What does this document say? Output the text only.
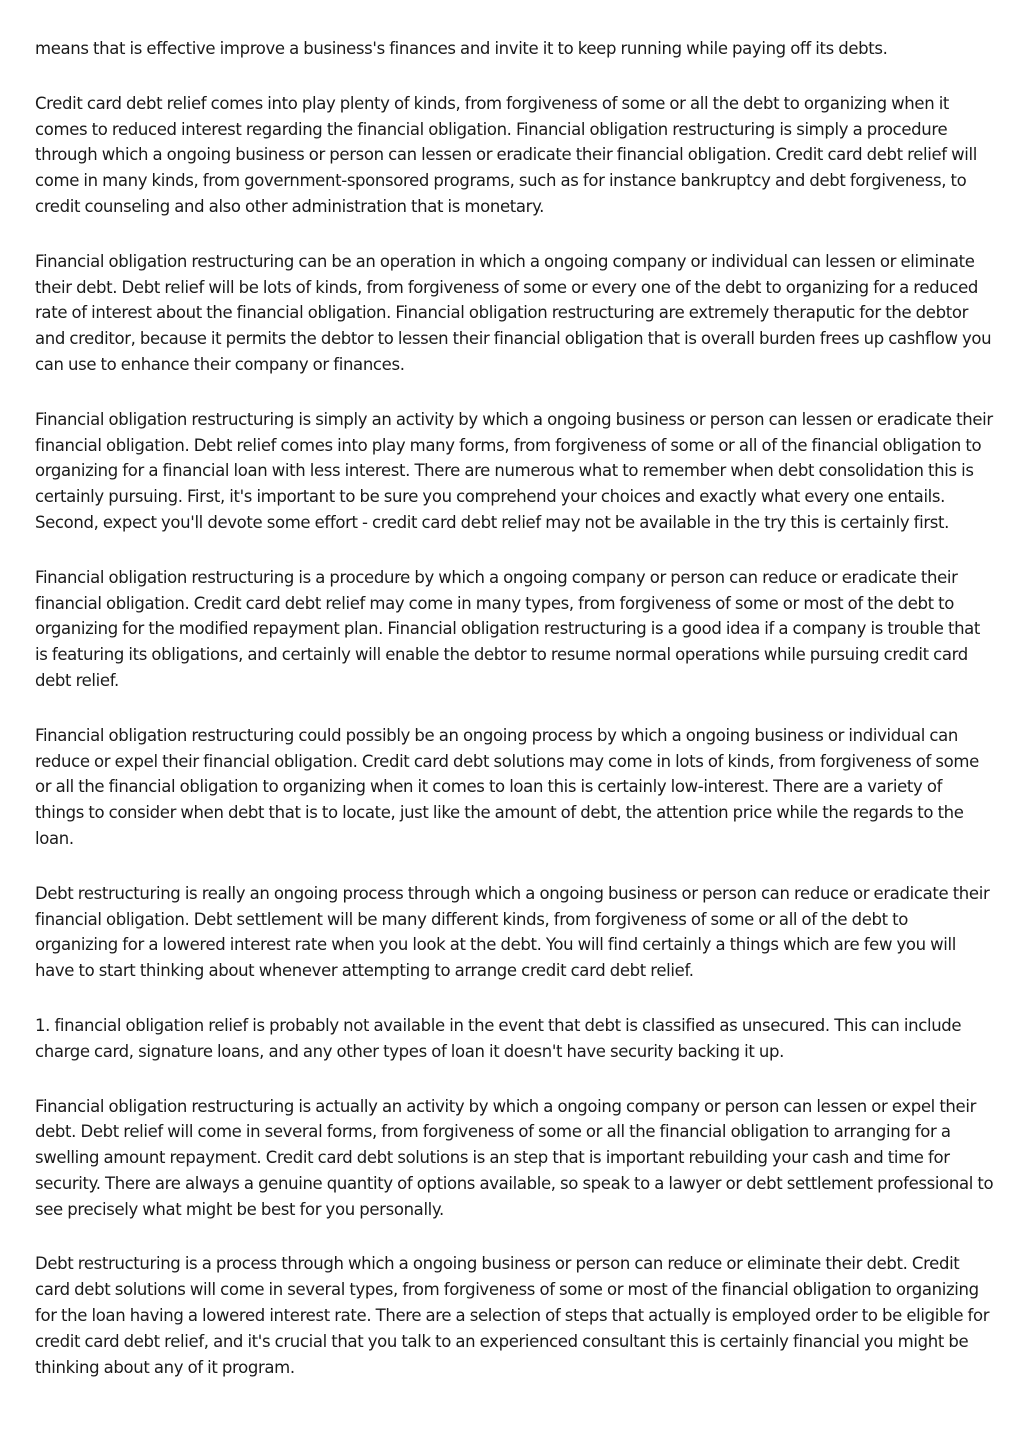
means that is effective improve a business's finances and invite it to keep running while paying off its debts.

Credit card debt relief comes into play plenty of kinds, from forgiveness of some or all the debt to organizing when it comes to reduced interest regarding the financial obligation. Financial obligation restructuring is simply a procedure through which a ongoing business or person can lessen or eradicate their financial obligation. Credit card debt relief will come in many kinds, from government-sponsored programs, such as for instance bankruptcy and debt forgiveness, to credit counseling and also other administration that is monetary.

Financial obligation restructuring can be an operation in which a ongoing company or individual can lessen or eliminate their debt. Debt relief will be lots of kinds, from forgiveness of some or every one of the debt to organizing for a reduced rate of interest about the financial obligation. Financial obligation restructuring are extremely theraputic for the debtor and creditor, because it permits the debtor to lessen their financial obligation that is overall burden frees up cashflow you can use to enhance their company or finances.

Financial obligation restructuring is simply an activity by which a ongoing business or person can lessen or eradicate their financial obligation. Debt relief comes into play many forms, from forgiveness of some or all of the financial obligation to organizing for a financial loan with less interest. There are numerous what to remember when debt consolidation this is certainly pursuing. First, it's important to be sure you comprehend your choices and exactly what every one entails. Second, expect you'll devote some effort - credit card debt relief may not be available in the try this is certainly first.

Financial obligation restructuring is a procedure by which a ongoing company or person can reduce or eradicate their financial obligation. Credit card debt relief may come in many types, from forgiveness of some or most of the debt to organizing for the modified repayment plan. Financial obligation restructuring is a good idea if a company is trouble that is featuring its obligations, and certainly will enable the debtor to resume normal operations while pursuing credit card debt relief.

Financial obligation restructuring could possibly be an ongoing process by which a ongoing business or individual can reduce or expel their financial obligation. Credit card debt solutions may come in lots of kinds, from forgiveness of some or all the financial obligation to organizing when it comes to loan this is certainly low-interest. There are a variety of things to consider when debt that is to locate, just like the amount of debt, the attention price while the regards to the loan.

Debt restructuring is really an ongoing process through which a ongoing business or person can reduce or eradicate their financial obligation. Debt settlement will be many different kinds, from forgiveness of some or all of the debt to organizing for a lowered interest rate when you look at the debt. You will find certainly a things which are few you will have to start thinking about whenever attempting to arrange credit card debt relief.

1. financial obligation relief is probably not available in the event that debt is classified as unsecured. This can include charge card, signature loans, and any other types of loan it doesn't have security backing it up.

Financial obligation restructuring is actually an activity by which a ongoing company or person can lessen or expel their debt. Debt relief will come in several forms, from forgiveness of some or all the financial obligation to arranging for a swelling amount repayment. Credit card debt solutions is an step that is important rebuilding your cash and time for security. There are always a genuine quantity of options available, so speak to a lawyer or debt settlement professional to see precisely what might be best for you personally.

Debt restructuring is a process through which a ongoing business or person can reduce or eliminate their debt. Credit card debt solutions will come in several types, from forgiveness of some or most of the financial obligation to organizing for the loan having a lowered interest rate. There are a selection of steps that actually is employed order to be eligible for credit card debt relief, and it's crucial that you talk to an experienced consultant this is certainly financial you might be thinking about any of it program.
